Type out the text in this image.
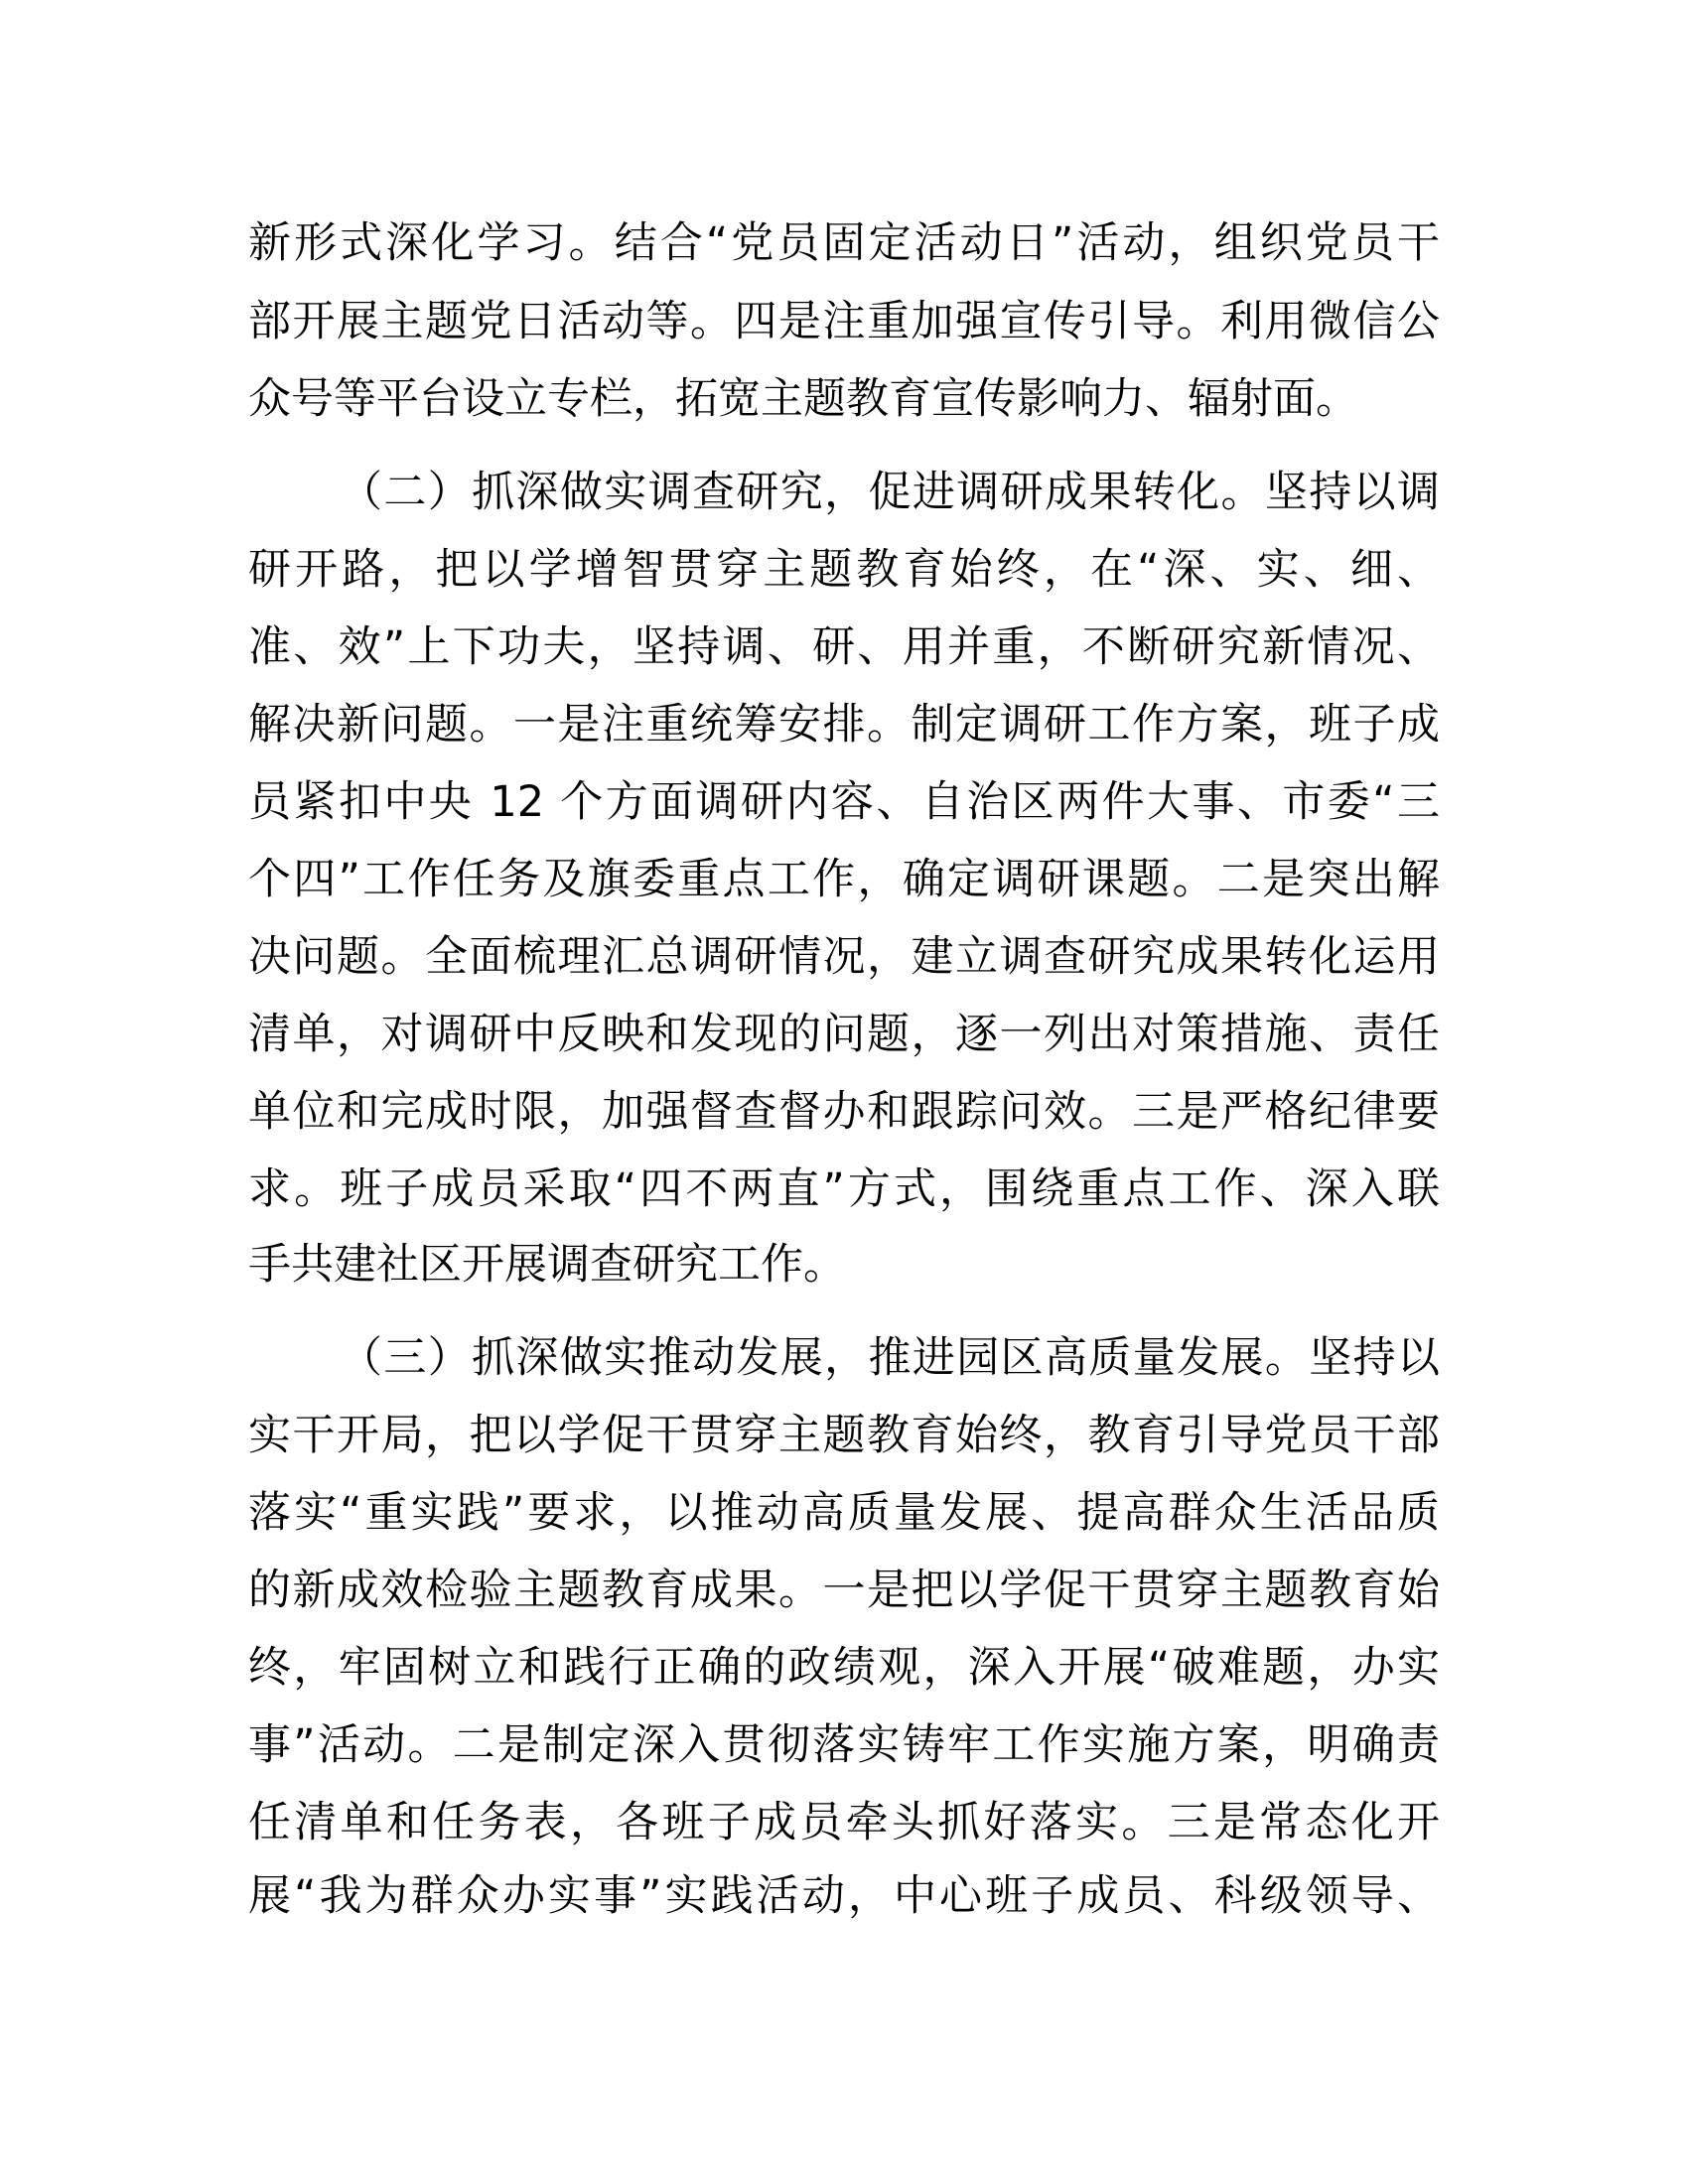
新形式深化学习。结合“党员固定活动日”活动，组织党员干
部开展主题党日活动等。四是注重加强宣传引导。利用微信公
众号等平台设立专栏，拓宽主题教育宣传影响力、辐射面。
（二）抓深做实调查研究，促进调研成果转化。坚持以调
研开路，把以学增智贯穿主题教育始终，在“深、实、细、
准、效”上下功夫，坚持调、研、用并重，不断研究新情况、
解决新问题。一是注重统筹安排。制定调研工作方案，班子成
员紧扣中央 12 个方面调研内容、自治区两件大事、市委“三
个四”工作任务及旗委重点工作，确定调研课题。二是突出解
决问题。全面梳理汇总调研情况，建立调查研究成果转化运用
清单，对调研中反映和发现的问题，逐一列出对策措施、责任
单位和完成时限，加强督查督办和跟踪问效。三是严格纪律要
求。班子成员采取“四不两直”方式，围绕重点工作、深入联
手共建社区开展调查研究工作。
（三）抓深做实推动发展，推进园区高质量发展。坚持以
实干开局，把以学促干贯穿主题教育始终，教育引导党员干部
落实“重实践”要求，以推动高质量发展、提高群众生活品质
的新成效检验主题教育成果。一是把以学促干贯穿主题教育始
终，牢固树立和践行正确的政绩观，深入开展“破难题，办实
事”活动。二是制定深入贯彻落实铸牢工作实施方案，明确责
任清单和任务表，各班子成员牵头抓好落实。三是常态化开
展“我为群众办实事”实践活动，中心班子成员、科级领导、
